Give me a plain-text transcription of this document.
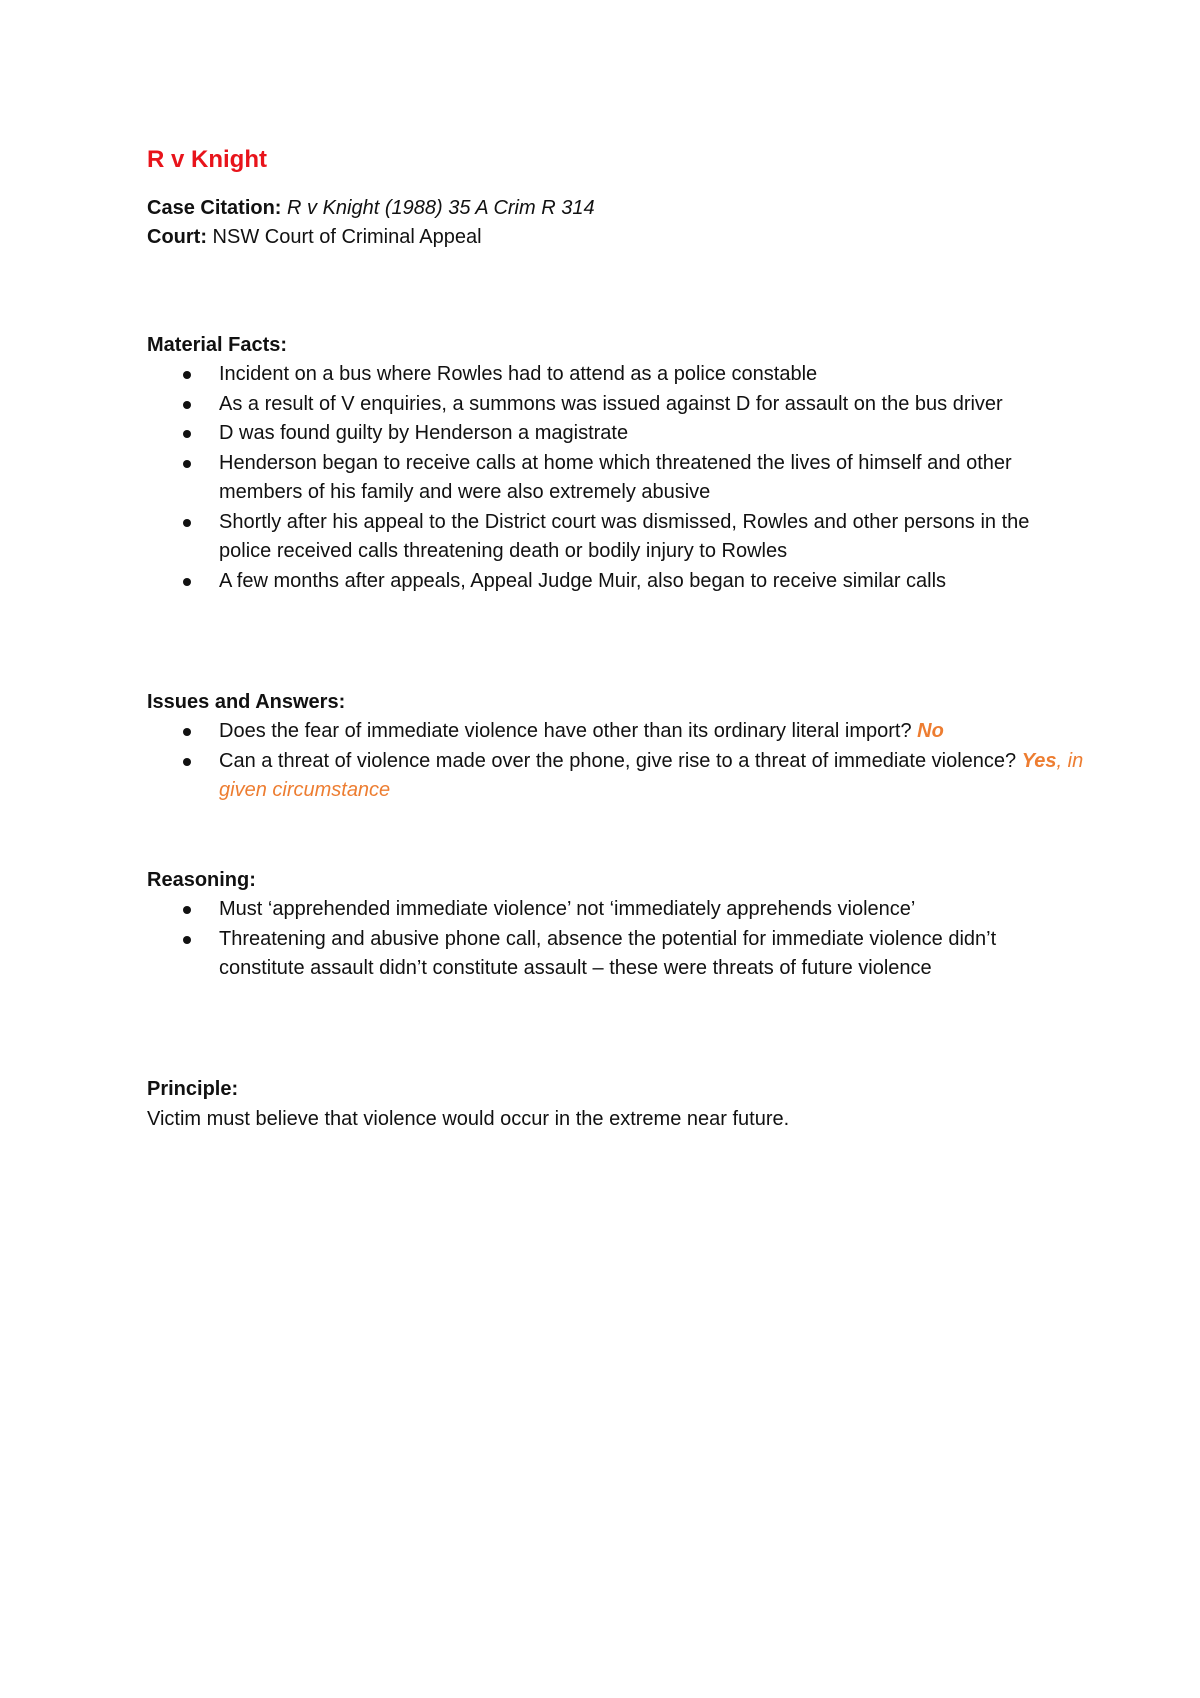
R v Knight
Case Citation: R v Knight (1988) 35 A Crim R 314
Court: NSW Court of Criminal Appeal
Material Facts:
Incident on a bus where Rowles had to attend as a police constable
As a result of V enquiries, a summons was issued against D for assault on the bus driver
D was found guilty by Henderson a magistrate
Henderson began to receive calls at home which threatened the lives of himself and other members of his family and were also extremely abusive
Shortly after his appeal to the District court was dismissed, Rowles and other persons in the police received calls threatening death or bodily injury to Rowles
A few months after appeals, Appeal Judge Muir, also began to receive similar calls
Issues and Answers:
Does the fear of immediate violence have other than its ordinary literal import? No
Can a threat of violence made over the phone, give rise to a threat of immediate violence? Yes, in given circumstance
Reasoning:
Must ‘apprehended immediate violence’ not ‘immediately apprehends violence’
Threatening and abusive phone call, absence the potential for immediate violence didn’t constitute assault didn’t constitute assault – these were threats of future violence
Principle:
Victim must believe that violence would occur in the extreme near future.
